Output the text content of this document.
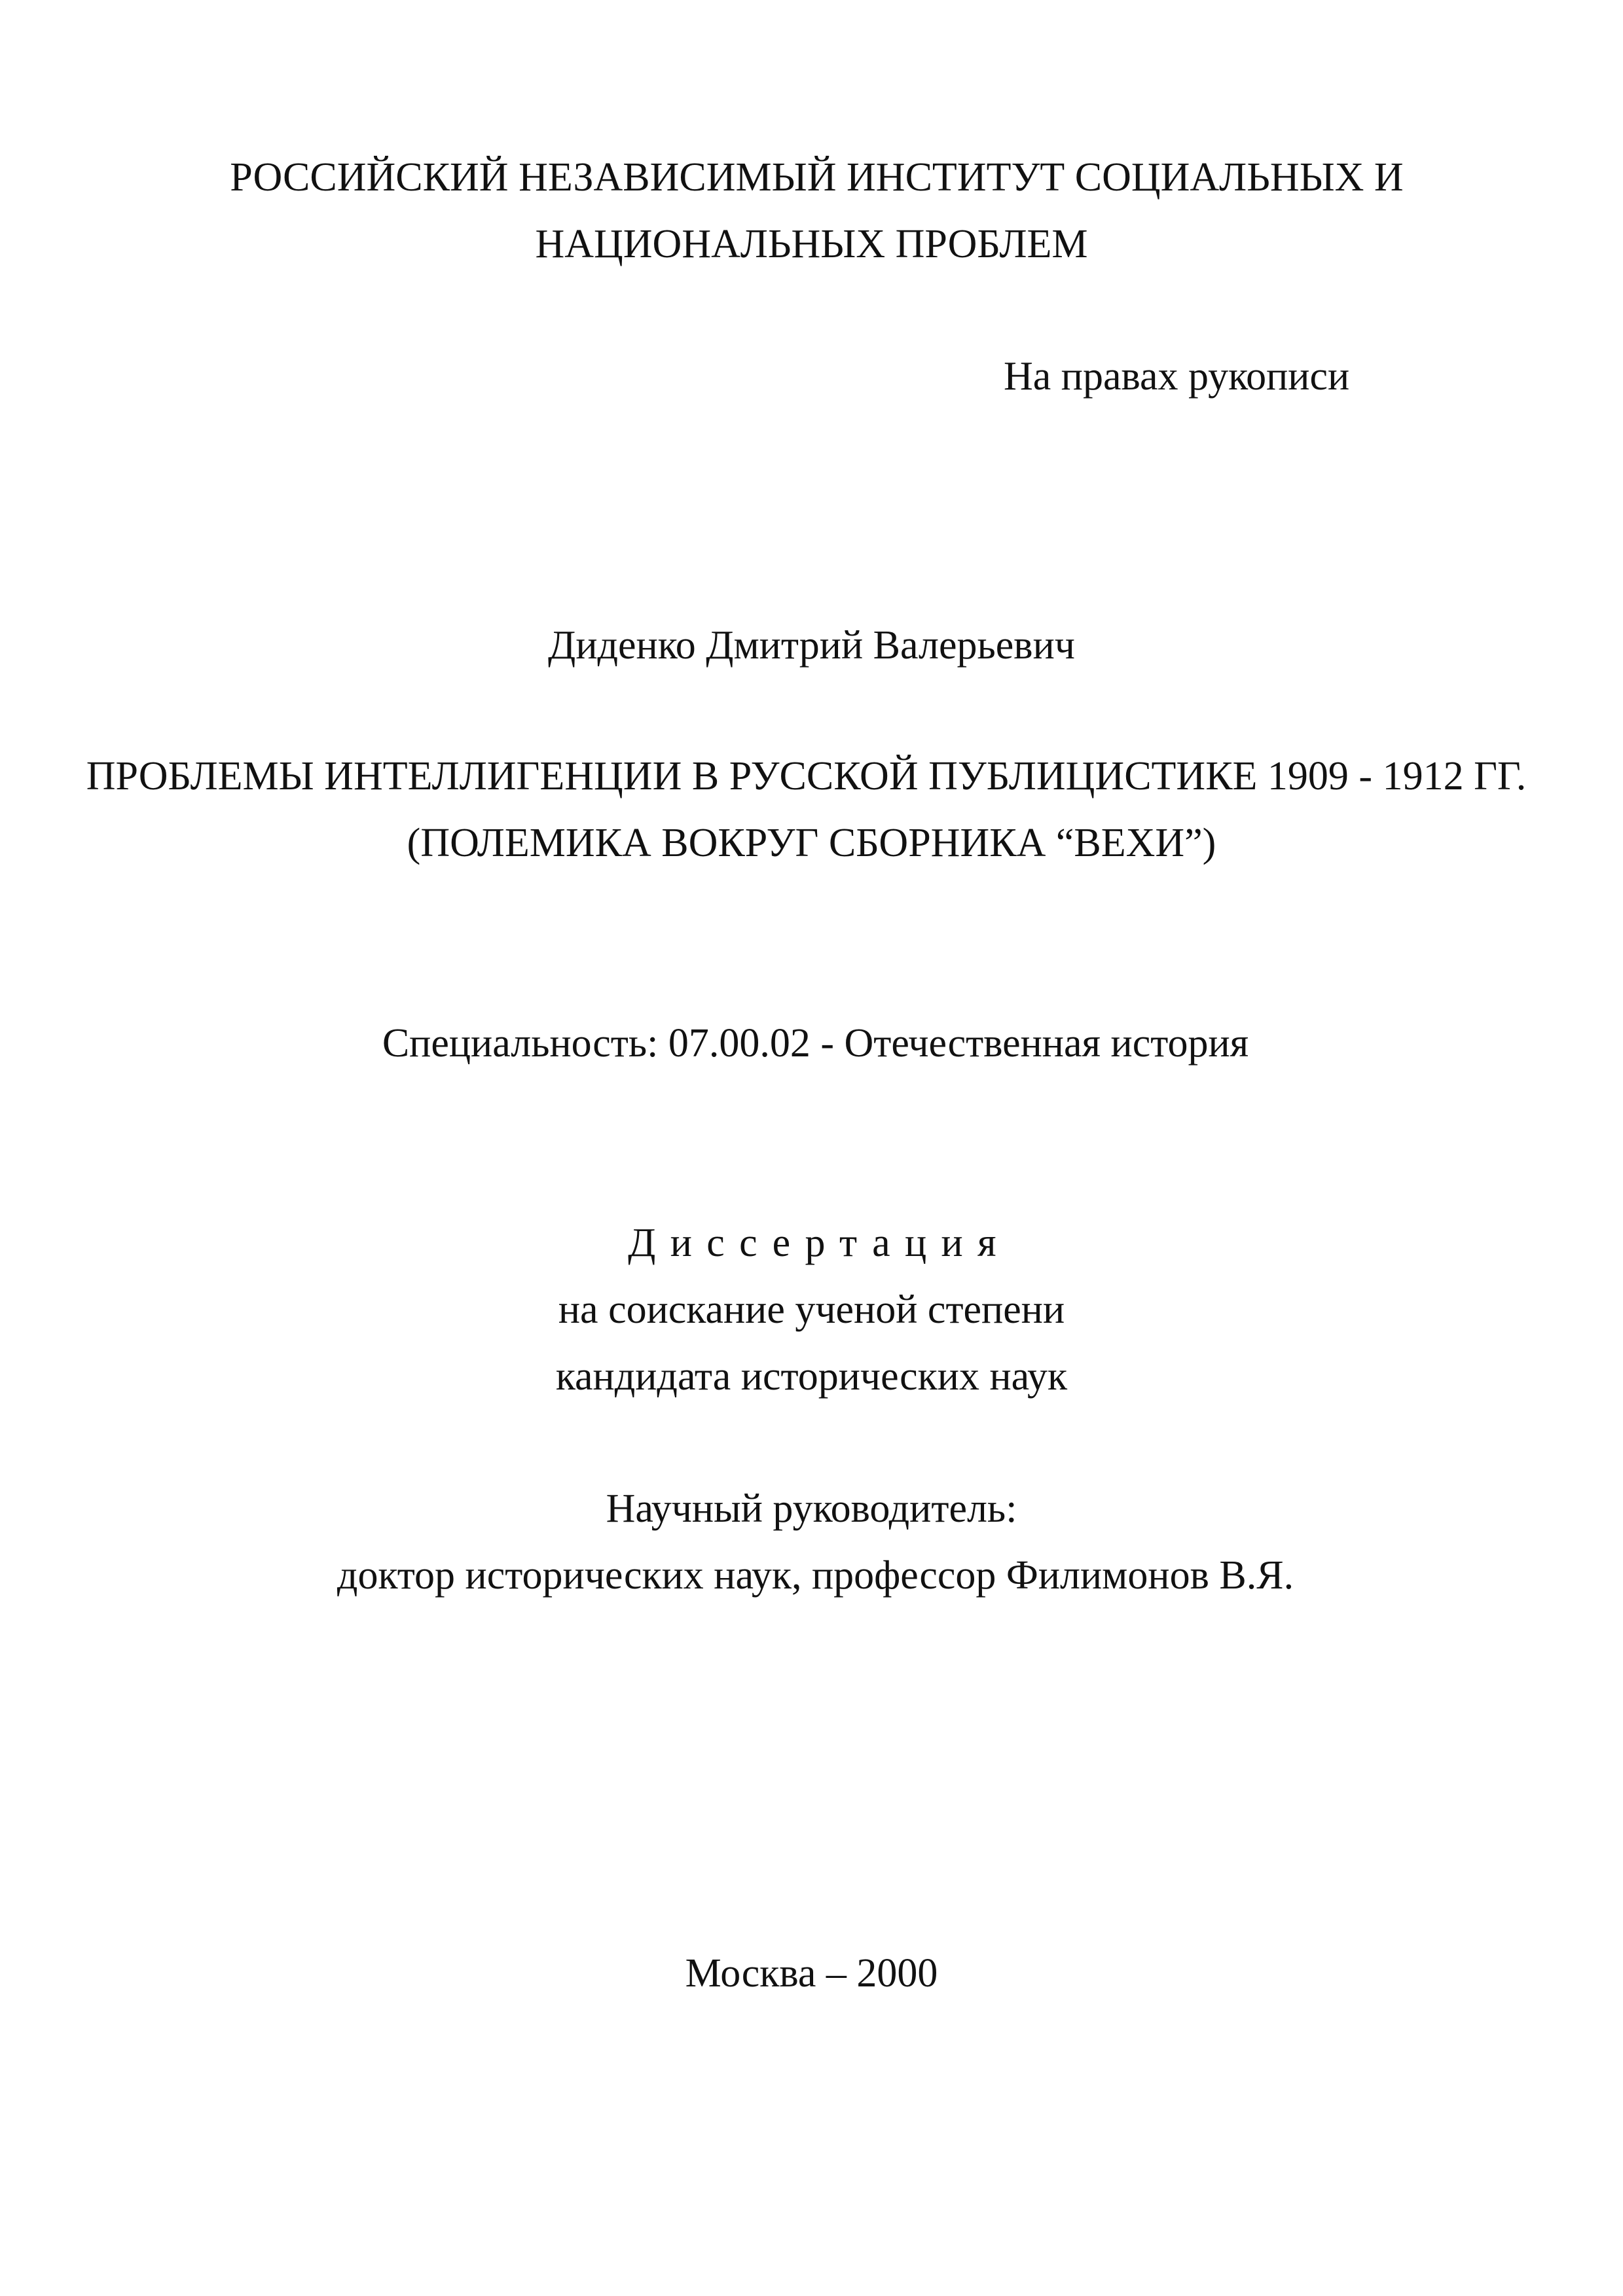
РОССИЙСКИЙ НЕЗАВИСИМЫЙ ИНСТИТУТ СОЦИАЛЬНЫХ И
НАЦИОНАЛЬНЫХ ПРОБЛЕМ
На правах рукописи
Диденко Дмитрий Валерьевич
ПРОБЛЕМЫ ИНТЕЛЛИГЕНЦИИ В РУССКОЙ ПУБЛИЦИСТИКЕ 1909 - 1912 ГГ.
(ПОЛЕМИКА ВОКРУГ СБОРНИКА “ВЕХИ”)
Специальность: 07.00.02 - Отечественная история
Диссертация
на соискание ученой степени
кандидата исторических наук
Научный руководитель:
доктор исторических наук, профессор Филимонов В.Я.
Москва – 2000
